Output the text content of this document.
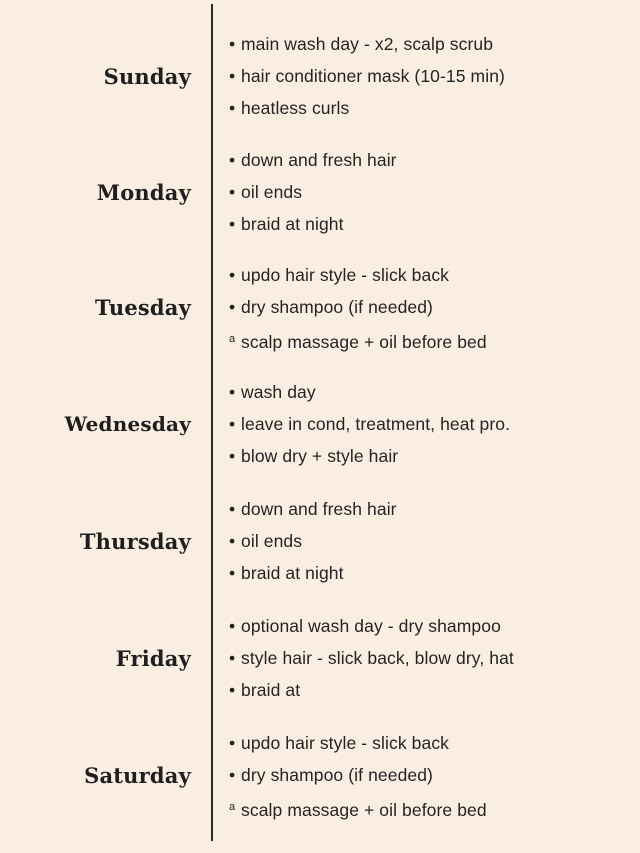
Sunday
• main wash day - x2, scalp scrub
• hair conditioner mask (10-15 min)
• heatless curls
Monday
• down and fresh hair
• oil ends
• braid at night
Tuesday
• updo hair style - slick back
• dry shampoo (if needed)
a scalp massage + oil before bed
Wednesday
• wash day
• leave in cond, treatment, heat pro.
• blow dry + style hair
Thursday
• down and fresh hair
• oil ends
• braid at night
Friday
• optional wash day - dry shampoo
• style hair - slick back, blow dry, hat
• braid at
Saturday
• updo hair style - slick back
• dry shampoo (if needed)
a scalp massage + oil before bed
